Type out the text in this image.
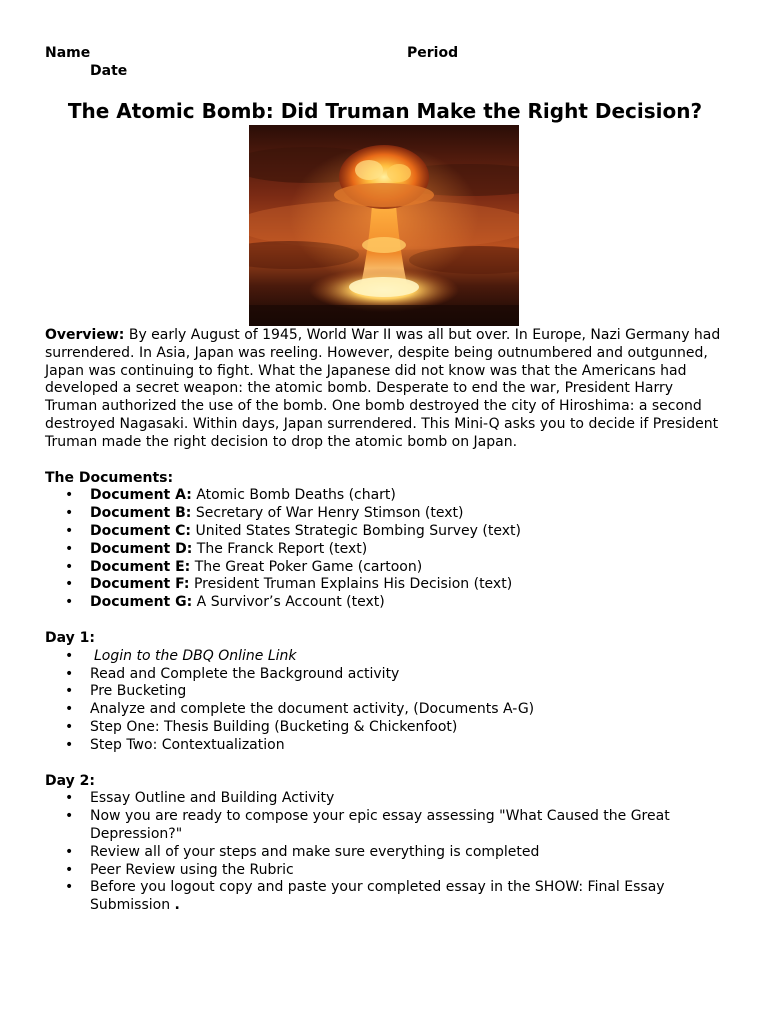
Name	Period
Date
The Atomic Bomb: Did Truman Make the Right Decision?
Overview: By early August of 1945, World War II was all but over. In Europe, Nazi Germany had surrendered. In Asia, Japan was reeling. However, despite being outnumbered and outgunned, Japan was continuing to fight. What the Japanese did not know was that the Americans had developed a secret weapon: the atomic bomb. Desperate to end the war, President Harry Truman authorized the use of the bomb. One bomb destroyed the city of Hiroshima: a second destroyed Nagasaki. Within days, Japan surrendered. This Mini-Q asks you to decide if President Truman made the right decision to drop the atomic bomb on Japan.
The Documents:
• Document A: Atomic Bomb Deaths (chart)
• Document B: Secretary of War Henry Stimson (text)
• Document C: United States Strategic Bombing Survey (text)
• Document D: The Franck Report (text)
• Document E: The Great Poker Game (cartoon)
• Document F: President Truman Explains His Decision (text)
• Document G: A Survivor’s Account (text)
Day 1:
• Login to the DBQ Online Link
• Read and Complete the Background activity
• Pre Bucketing
• Analyze and complete the document activity, (Documents A-G)
• Step One: Thesis Building (Bucketing & Chickenfoot)
• Step Two: Contextualization
Day 2:
• Essay Outline and Building Activity
• Now you are ready to compose your epic essay assessing "What Caused the Great Depression?"
• Review all of your steps and make sure everything is completed
• Peer Review using the Rubric
• Before you logout copy and paste your completed essay in the SHOW: Final Essay Submission .
